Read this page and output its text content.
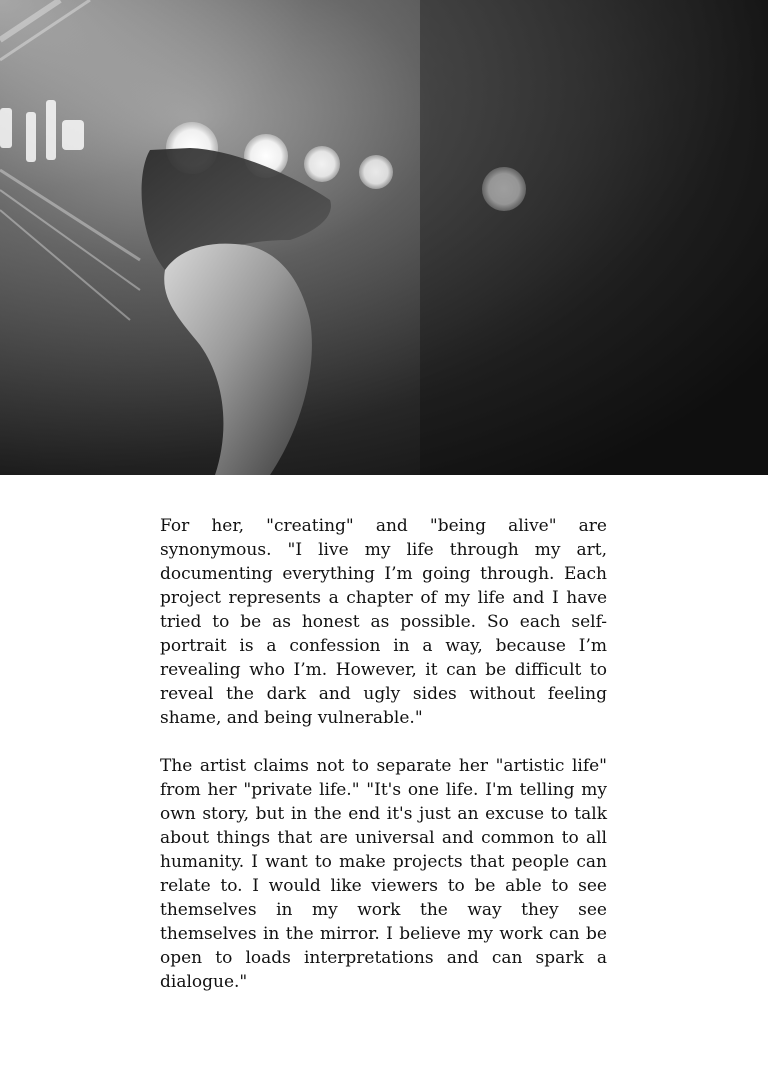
For her, "creating" and "being alive" are synonymous. "I live my life through my art, documenting everything I’m going through. Each project represents a chapter of my life and I have tried to be as honest as possible. So each self-portrait is a confession in a way, because I’m revealing who I’m. However, it can be difficult to reveal the dark and ugly sides without feeling shame, and being vulnerable."

The artist claims not to separate her "artistic life" from her "private life." "It's one life. I'm telling my own story, but in the end it's just an excuse to talk about things that are universal and common to all humanity. I want to make projects that people can relate to. I would like viewers to be able to see themselves in my work the way they see themselves in the mirror. I believe my work can be open to loads interpretations and can spark a dialogue."
